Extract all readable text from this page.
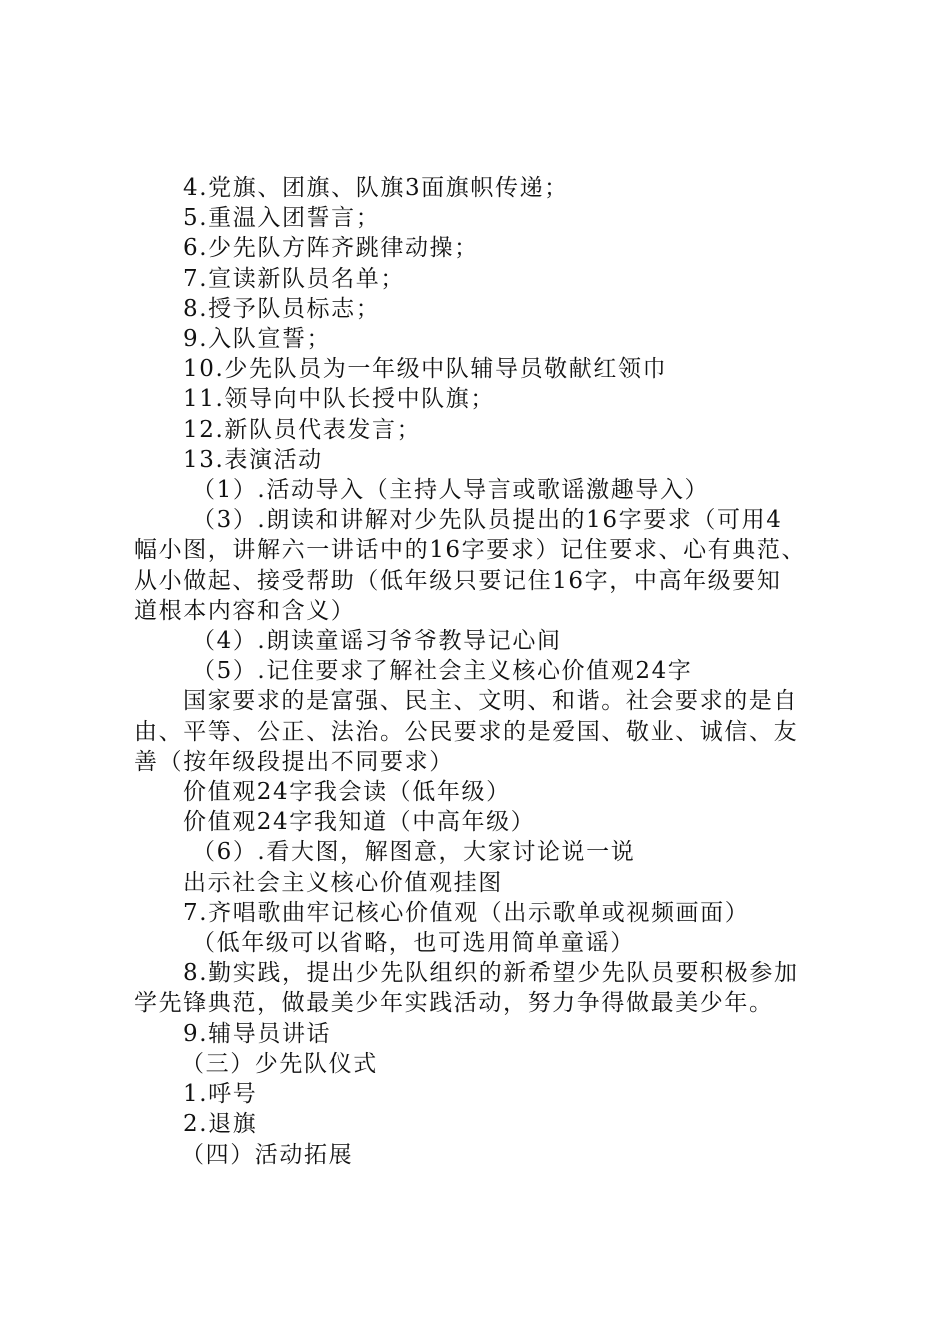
4.党旗、团旗、队旗3面旗帜传递；
5.重温入团誓言；
6.少先队方阵齐跳律动操；
7.宣读新队员名单；
8.授予队员标志；
9.入队宣誓；
10.少先队员为一年级中队辅导员敬献红领巾
11.领导向中队长授中队旗；
12.新队员代表发言；
13.表演活动
（1）.活动导入（主持人导言或歌谣激趣导入）
（3）.朗读和讲解对少先队员提出的16字要求（可用4
幅小图，讲解六一讲话中的16字要求）记住要求、心有典范、
从小做起、接受帮助（低年级只要记住16字，中高年级要知
道根本内容和含义）
（4）.朗读童谣习爷爷教导记心间
（5）.记住要求了解社会主义核心价值观24字
国家要求的是富强、民主、文明、和谐。社会要求的是自
由、平等、公正、法治。公民要求的是爱国、敬业、诚信、友
善（按年级段提出不同要求）
价值观24字我会读（低年级）
价值观24字我知道（中高年级）
（6）.看大图，解图意，大家讨论说一说
出示社会主义核心价值观挂图
7.齐唱歌曲牢记核心价值观（出示歌单或视频画面）
（低年级可以省略，也可选用简单童谣）
8.勤实践，提出少先队组织的新希望少先队员要积极参加
学先锋典范，做最美少年实践活动，努力争得做最美少年。
9.辅导员讲话
（三）少先队仪式
1.呼号
2.退旗
（四）活动拓展
